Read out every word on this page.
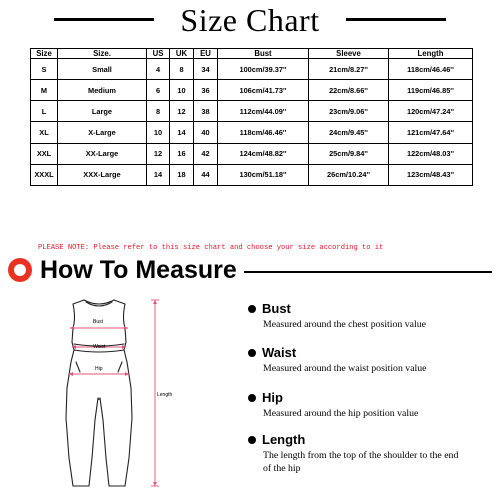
Size Chart
Size	Size.	US	UK	EU	Bust	Sleeve	Length
S	Small	4	8	34	100cm/39.37''	21cm/8.27''	118cm/46.46''
M	Medium	6	10	36	106cm/41.73''	22cm/8.66''	119cm/46.85''
L	Large	8	12	38	112cm/44.09''	23cm/9.06''	120cm/47.24''
XL	X-Large	10	14	40	118cm/46.46''	24cm/9.45''	121cm/47.64''
XXL	XX-Large	12	16	42	124cm/48.82''	25cm/9.84''	122cm/48.03''
XXXL	XXX-Large	14	18	44	130cm/51.18''	26cm/10.24''	123cm/48.43''
PLEASE NOTE: Please refer to this size chart and choose your size according to it
How To Measure
Bust
Waist
Hip
Length
Bust
Measured around the chest position value
Waist
Measured around the waist position value
Hip
Measured around the hip position value
Length
The length from the top of the shoulder to the end of the hip
